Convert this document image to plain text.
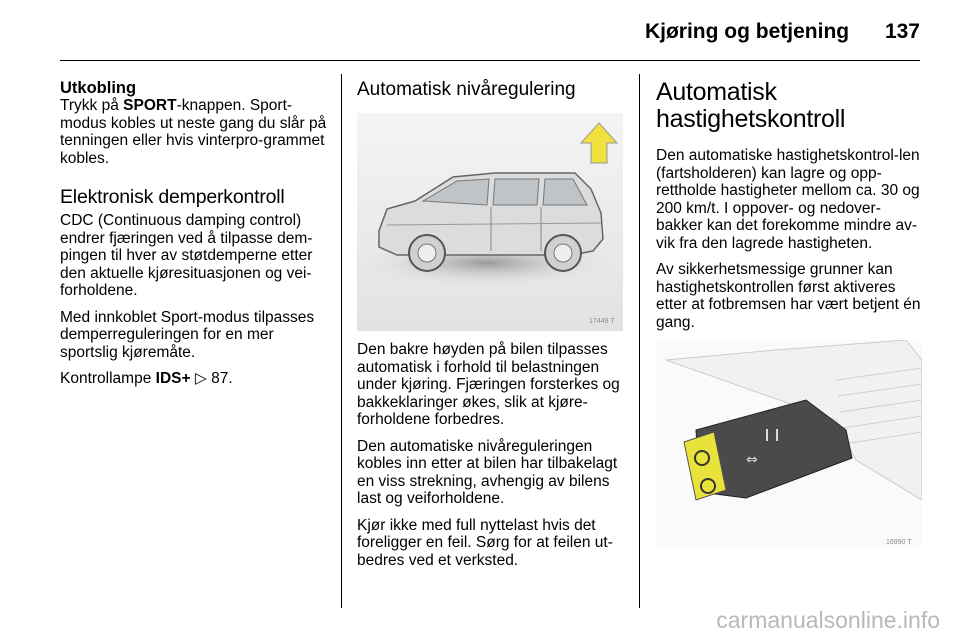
Kjøring og betjening 137
Utkobling

Trykk på SPORT-knappen. Sport-modus kobles ut neste gang du slår på tenningen eller hvis vinterpro-grammet kobles.

Elektronisk demperkontroll

CDC (Continuous damping control) endrer fjæringen ved å tilpasse dem-pingen til hver av støtdemperne etter den aktuelle kjøresituasjonen og vei-forholdene.

Med innkoblet Sport-modus tilpasses demperreguleringen for en mer sportslig kjøremåte.

Kontrollampe IDS+ ▷ 87.

Automatisk nivåregulering
17449 T

Den bakre høyden på bilen tilpasses automatisk i forhold til belastningen under kjøring. Fjæringen forsterkes og bakkeklaringer økes, slik at kjøre-forholdene forbedres.

Den automatiske nivåreguleringen kobles inn etter at bilen har tilbakelagt en viss strekning, avhengig av bilens last og veiforholdene.

Kjør ikke med full nyttelast hvis det foreligger en feil. Sørg for at feilen ut-bedres ved et verksted.

Automatisk
hastighetskontroll

Den automatiske hastighetskontrol-len (fartsholderen) kan lagre og opp-rettholde hastigheter mellom ca. 30 og 200 km/t. I oppover- og nedover-bakker kan det forekomme mindre av-vik fra den lagrede hastigheten.

Av sikkerhetsmessige grunner kan hastighetskontrollen først aktiveres etter at fotbremsen har vært betjent én gang.

⇔
❙❙
16990 T
carmanualsonline.info
